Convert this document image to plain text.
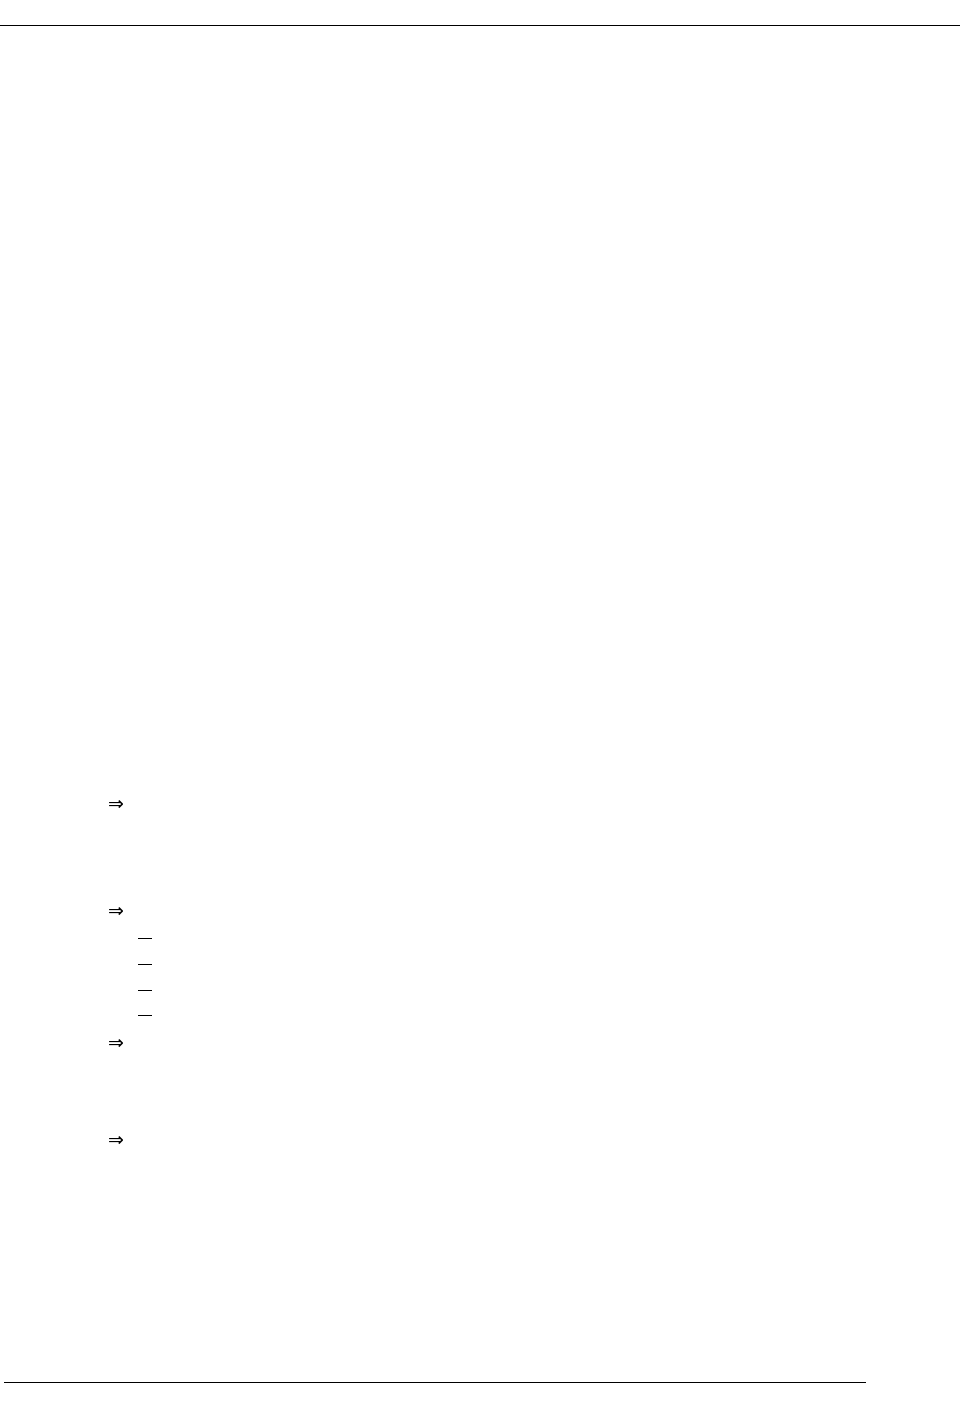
⇒
⇒
⇒
⇒
